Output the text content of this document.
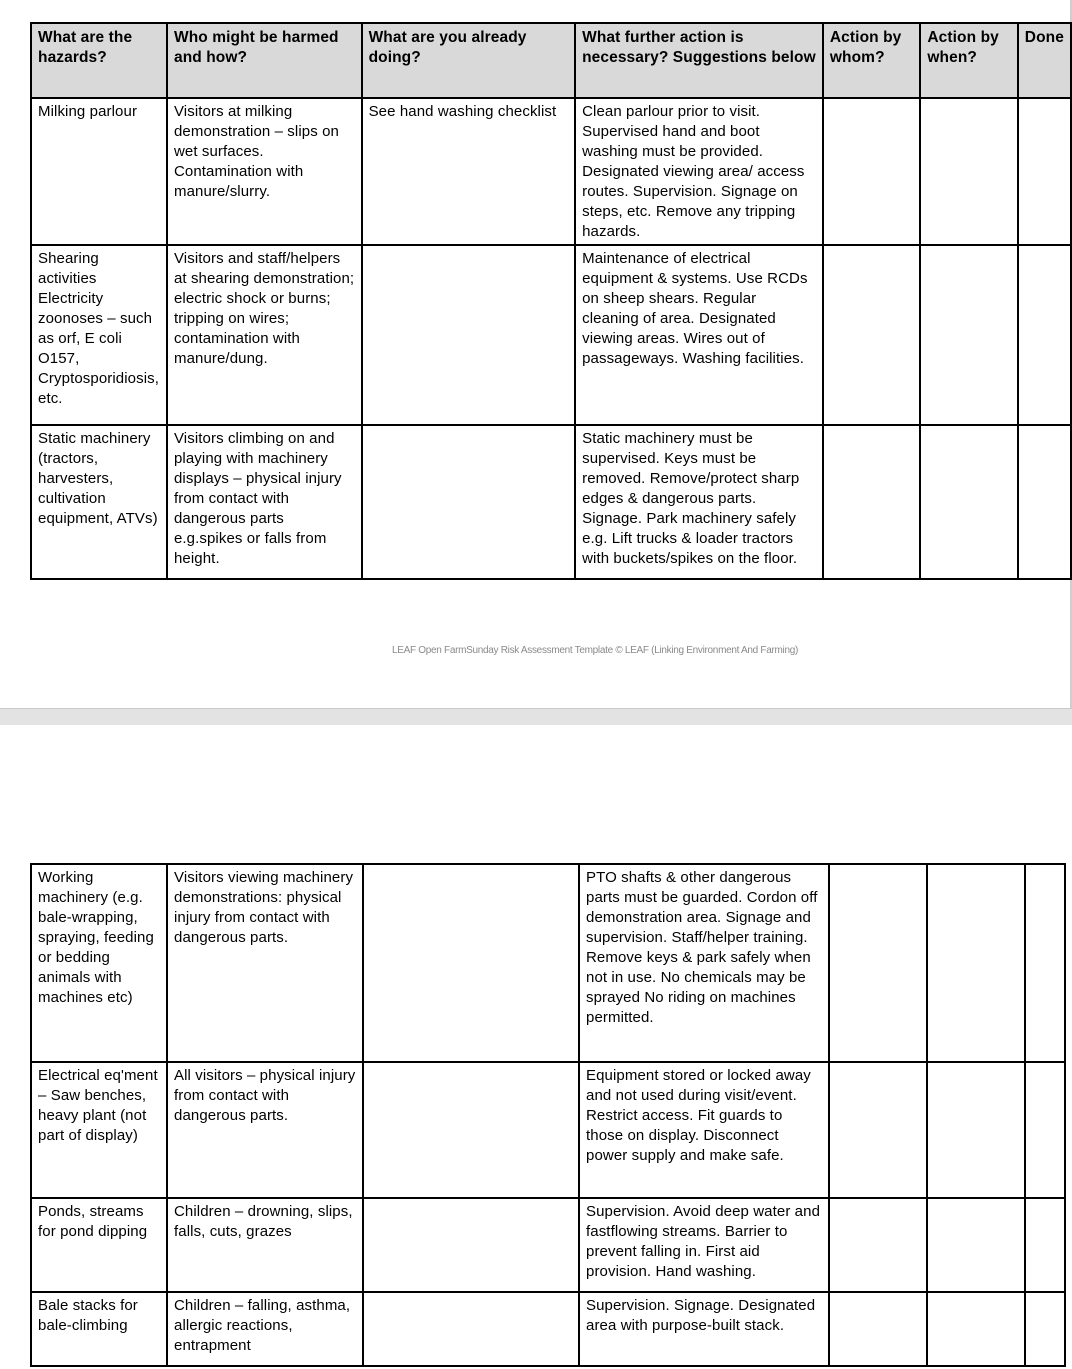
What are the hazards?	Who might be harmed and how?	What are you already doing?	What further action is necessary? Suggestions below	Action by whom?	Action by when?	Done
Milking parlour	Visitors at milking demonstration – slips on wet surfaces. Contamination with manure/slurry.	See hand washing checklist	Clean parlour prior to visit. Supervised hand and boot washing must be provided. Designated viewing area/ access routes. Supervision. Signage on steps, etc. Remove any tripping hazards.			
Shearing activities Electricity zoonoses – such as orf, E coli O157, Cryptosporidiosis, etc.	Visitors and staff/helpers at shearing demonstration; electric shock or burns; tripping on wires; contamination with manure/dung.		Maintenance of electrical equipment & systems. Use RCDs on sheep shears. Regular cleaning of area. Designated viewing areas. Wires out of passageways. Washing facilities.			
Static machinery (tractors, harvesters, cultivation equipment, ATVs)	Visitors climbing on and playing with machinery displays – physical injury from contact with dangerous parts e.g.spikes or falls from height.		Static machinery must be supervised. Keys must be removed. Remove/protect sharp edges & dangerous parts. Signage. Park machinery safely e.g. Lift trucks & loader tractors with buckets/spikes on the floor.			
LEAF Open FarmSunday Risk Assessment Template © LEAF (Linking Environment And Farming)
Working machinery (e.g. bale-wrapping, spraying, feeding or bedding animals with machines etc)	Visitors viewing machinery demonstrations: physical injury from contact with dangerous parts.		PTO shafts & other dangerous parts must be guarded. Cordon off demonstration area. Signage and supervision. Staff/helper training. Remove keys & park safely when not in use. No chemicals may be sprayed No riding on machines permitted.			
Electrical eq'ment – Saw benches, heavy plant (not part of display)	All visitors – physical injury from contact with dangerous parts.		Equipment stored or locked away and not used during visit/event. Restrict access. Fit guards to those on display. Disconnect power supply and make safe.			
Ponds, streams for pond dipping	Children – drowning, slips, falls, cuts, grazes		Supervision. Avoid deep water and fastflowing streams. Barrier to prevent falling in. First aid provision. Hand washing.			
Bale stacks for bale-climbing	Children – falling, asthma, allergic reactions, entrapment		Supervision. Signage. Designated area with purpose-built stack.			
